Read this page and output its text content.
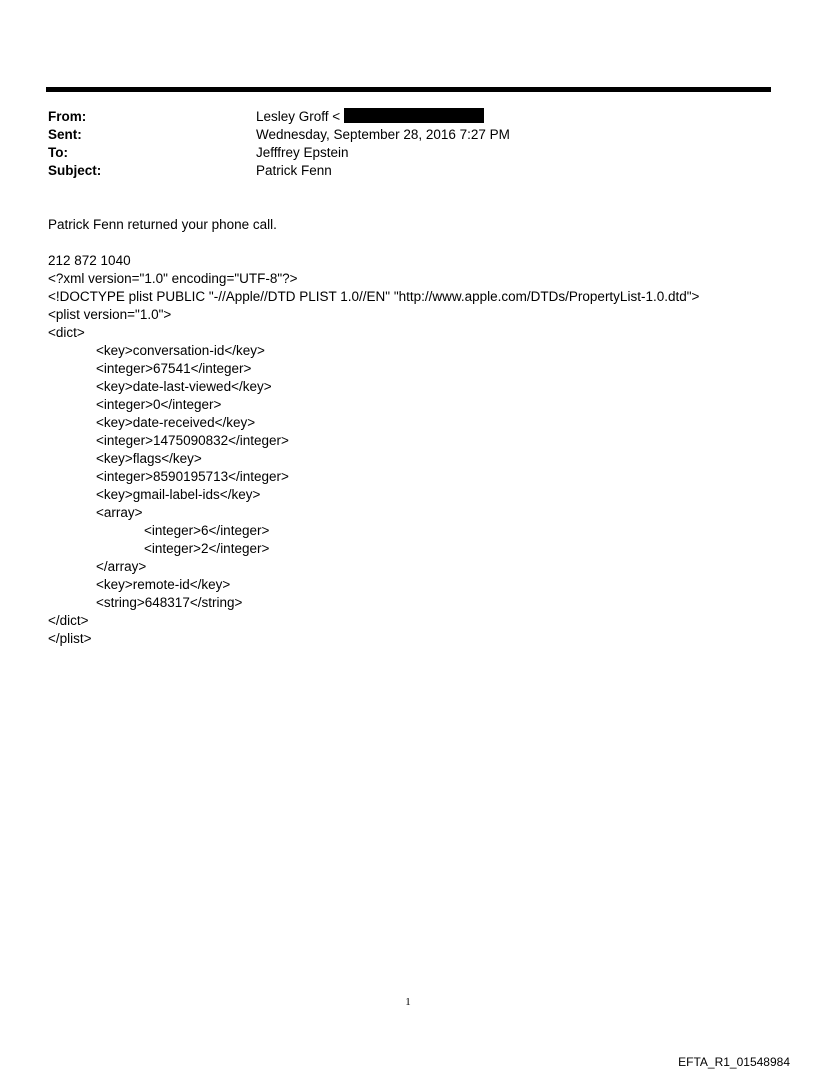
From:	Lesley Groff <
Sent:	Wednesday, September 28, 2016 7:27 PM
To:	Jefffrey Epstein
Subject:	Patrick Fenn
Patrick Fenn returned your phone call.
212 872 1040
<?xml version="1.0" encoding="UTF-8"?>
<!DOCTYPE plist PUBLIC "-//Apple//DTD PLIST 1.0//EN" "http://www.apple.com/DTDs/PropertyList-1.0.dtd">
<plist version="1.0">
<dict>
<key>conversation-id</key>
<integer>67541</integer>
<key>date-last-viewed</key>
<integer>0</integer>
<key>date-received</key>
<integer>1475090832</integer>
<key>flags</key>
<integer>8590195713</integer>
<key>gmail-label-ids</key>
<array>
<integer>6</integer>
<integer>2</integer>
</array>
<key>remote-id</key>
<string>648317</string>
</dict>
</plist>
1
EFTA_R1_01548984
